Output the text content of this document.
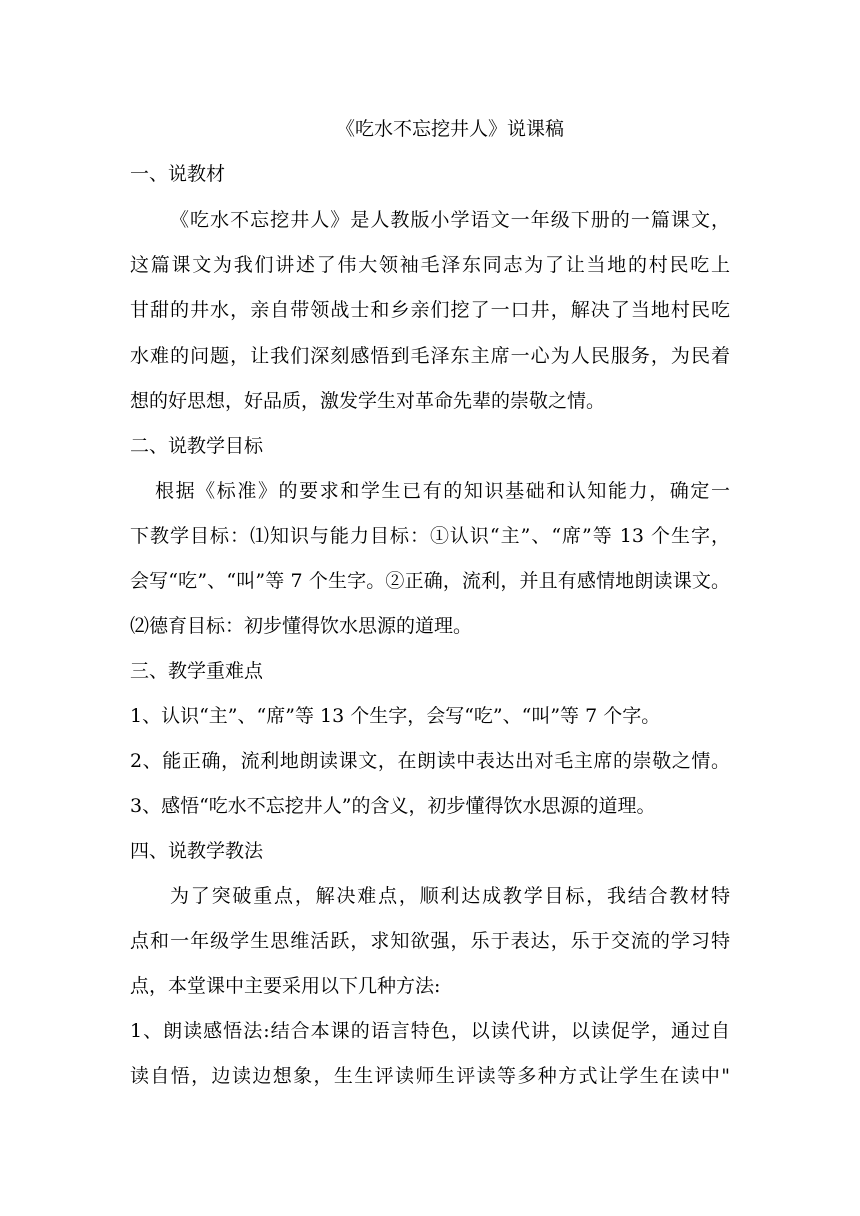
《吃水不忘挖井人》说课稿
一、说教材
《吃水不忘挖井人》是人教版小学语文一年级下册的一篇课文，
这篇课文为我们讲述了伟大领袖毛泽东同志为了让当地的村民吃上
甘甜的井水，亲自带领战士和乡亲们挖了一口井，解决了当地村民吃
水难的问题，让我们深刻感悟到毛泽东主席一心为人民服务，为民着
想的好思想，好品质，激发学生对革命先辈的崇敬之情。
二、说教学目标
根据《标准》的要求和学生已有的知识基础和认知能力，确定一
下教学目标：⑴知识与能力目标：①认识“主”、“席”等 13 个生字，
会写“吃”、“叫”等 7 个生字。②正确，流利，并且有感情地朗读课文。
⑵德育目标：初步懂得饮水思源的道理。
三、教学重难点
1、认识“主”、“席”等 13 个生字，会写“吃”、“叫”等 7 个字。
2、能正确，流利地朗读课文，在朗读中表达出对毛主席的崇敬之情。
3、感悟“吃水不忘挖井人”的含义，初步懂得饮水思源的道理。
四、说教学教法
为了突破重点，解决难点，顺利达成教学目标，我结合教材特
点和一年级学生思维活跃，求知欲强，乐于表达，乐于交流的学习特
点，本堂课中主要采用以下几种方法:
1、朗读感悟法:结合本课的语言特色，以读代讲，以读促学，通过自
读自悟，边读边想象，生生评读师生评读等多种方式让学生在读中"
